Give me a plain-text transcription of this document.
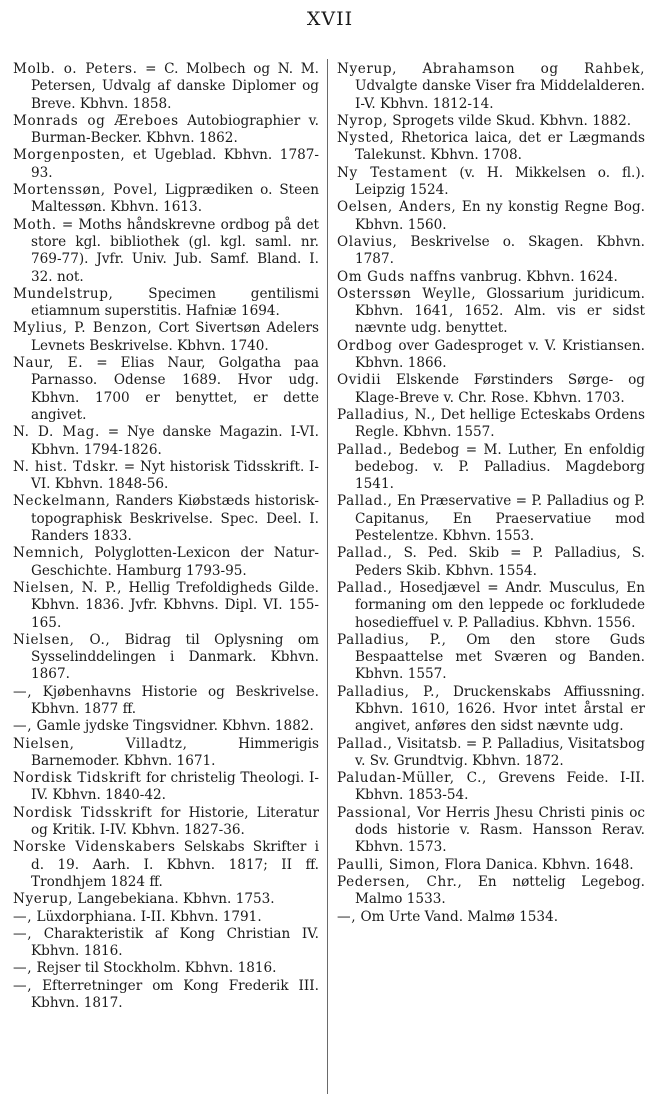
XVII

Molb. o. Peters. = C. Molbech og N. M. Petersen, Udvalg af danske Diplomer og Breve. Kbhvn. 1858.

Monrads og Æreboes Autobiographier v. Burman-Becker. Kbhvn. 1862.

Morgenposten, et Ugeblad. Kbhvn. 1787-93.

Mortenssøn, Povel, Ligprædiken o. Steen Maltessøn. Kbhvn. 1613.

Moth. = Moths håndskrevne ordbog på det store kgl. bibliothek (gl. kgl. saml. nr. 769-77). Jvfr. Univ. Jub. Samf. Bland. I. 32. not.

Mundelstrup, Specimen gentilismi etiamnum superstitis. Hafniæ 1694.

Mylius, P. Benzon, Cort Sivertsøn Adelers Levnets Beskrivelse. Kbhvn. 1740.

Naur, E. = Elias Naur, Golgatha paa Parnasso. Odense 1689. Hvor udg. Kbhvn. 1700 er benyttet, er dette angivet.

N. D. Mag. = Nye danske Magazin. I-VI. Kbhvn. 1794-1826.

N. hist. Tdskr. = Nyt historisk Tidsskrift. I-VI. Kbhvn. 1848-56.

Neckelmann, Randers Kiøbstæds historisk-topographisk Beskrivelse. Spec. Deel. I. Randers 1833.

Nemnich, Polyglotten-Lexicon der Natur-Geschichte. Hamburg 1793-95.

Nielsen, N. P., Hellig Trefoldigheds Gilde. Kbhvn. 1836. Jvfr. Kbhvns. Dipl. VI. 155-165.

Nielsen, O., Bidrag til Oplysning om Sysselinddelingen i Danmark. Kbhvn. 1867.

—, Kjøbenhavns Historie og Beskrivelse. Kbhvn. 1877 ff.

—, Gamle jydske Tingsvidner. Kbhvn. 1882.

Nielsen, Villadtz, Himmerigis Barnemoder. Kbhvn. 1671.

Nordisk Tidskrift for christelig Theologi. I-IV. Kbhvn. 1840-42.

Nordisk Tidsskrift for Historie, Literatur og Kritik. I-IV. Kbhvn. 1827-36.

Norske Videnskabers Selskabs Skrifter i d. 19. Aarh. I. Kbhvn. 1817; II ff. Trondhjem 1824 ff.

Nyerup, Langebekiana. Kbhvn. 1753.

—, Lüxdorphiana. I-II. Kbhvn. 1791.

—, Charakteristik af Kong Christian IV. Kbhvn. 1816.

—, Rejser til Stockholm. Kbhvn. 1816.

—, Efterretninger om Kong Frederik III. Kbhvn. 1817.

Nyerup, Abrahamson og Rahbek, Udvalgte danske Viser fra Middelalderen. I-V. Kbhvn. 1812-14.

Nyrop, Sprogets vilde Skud. Kbhvn. 1882.

Nysted, Rhetorica laica, det er Lægmands Talekunst. Kbhvn. 1708.

Ny Testament (v. H. Mikkelsen o. fl.). Leipzig 1524.

Oelsen, Anders, En ny konstig Regne Bog. Kbhvn. 1560.

Olavius, Beskrivelse o. Skagen. Kbhvn. 1787.

Om Guds naffns vanbrug. Kbhvn. 1624.

Osterssøn Weylle, Glossarium juridicum. Kbhvn. 1641, 1652. Alm. vis er sidst nævnte udg. benyttet.

Ordbog over Gadesproget v. V. Kristiansen. Kbhvn. 1866.

Ovidii Elskende Førstinders Sørge- og Klage-Breve v. Chr. Rose. Kbhvn. 1703.

Palladius, N., Det hellige Ecteskabs Ordens Regle. Kbhvn. 1557.

Pallad., Bedebog = M. Luther, En enfoldig bedebog. v. P. Palladius. Magdeborg 1541.

Pallad., En Præservative = P. Palladius og P. Capitanus, En Praeservatiue mod Pestelentze. Kbhvn. 1553.

Pallad., S. Ped. Skib = P. Palladius, S. Peders Skib. Kbhvn. 1554.

Pallad., Hosedjævel = Andr. Musculus, En formaning om den leppede oc forkludede hosedieffuel v. P. Palladius. Kbhvn. 1556.

Palladius, P., Om den store Guds Bespaattelse met Sværen og Banden. Kbhvn. 1557.

Palladius, P., Druckenskabs Affiussning. Kbhvn. 1610, 1626. Hvor intet årstal er angivet, anføres den sidst nævnte udg.

Pallad., Visitatsb. = P. Palladius, Visitatsbog v. Sv. Grundtvig. Kbhvn. 1872.

Paludan-Müller, C., Grevens Feide. I-II. Kbhvn. 1853-54.

Passional, Vor Herris Jhesu Christi pinis oc dods historie v. Rasm. Hansson Rerav. Kbhvn. 1573.

Paulli, Simon, Flora Danica. Kbhvn. 1648.

Pedersen, Chr., En nøttelig Legebog. Malmo 1533.

—, Om Urte Vand. Malmø 1534.
